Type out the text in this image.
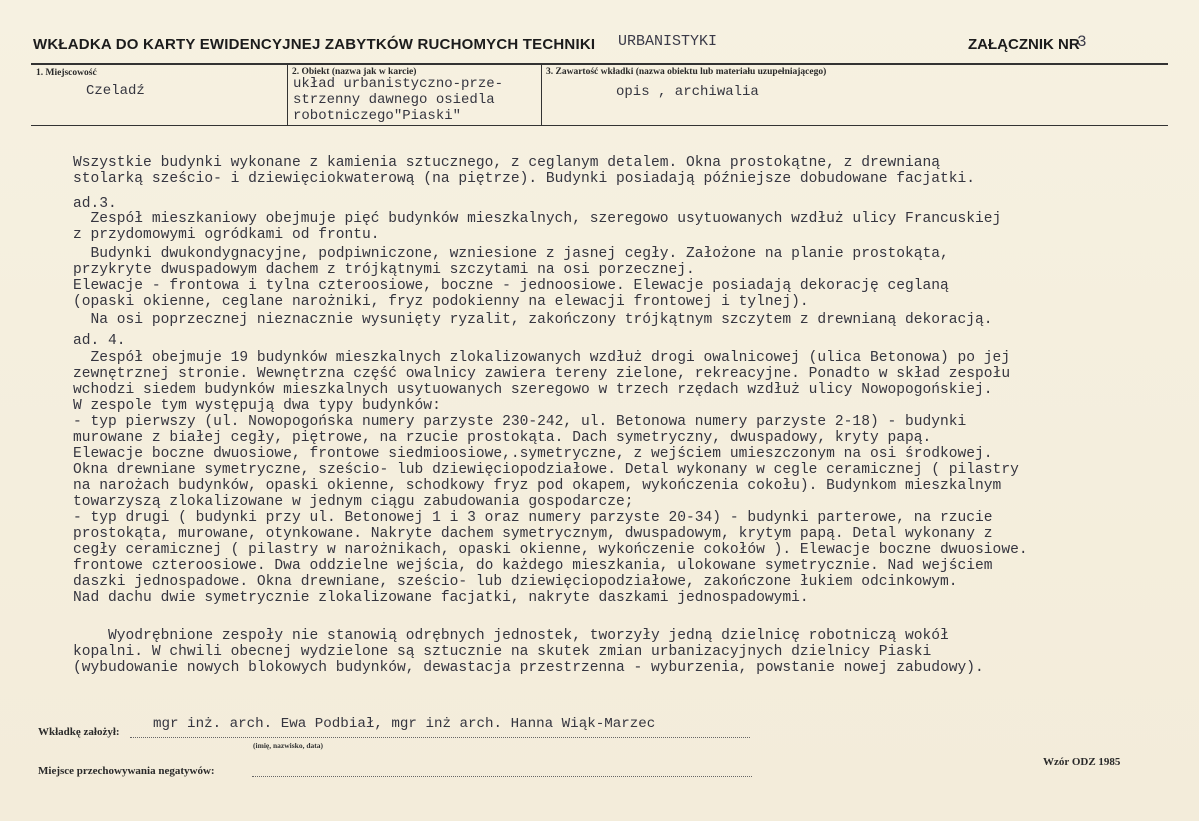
WKŁADKA DO KARTY EWIDENCYJNEJ ZABYTKÓW RUCHOMYCH TECHNIKI URBANISTYKI	ZAŁĄCZNIK NR
3
1. Miejscowość
Czeladź
2. Obiekt (nazwa jak w karcie)
układ urbanistyczno-prze-
strzenny dawnego osiedla
robotniczego"Piaski"
3. Zawartość wkładki (nazwa obiektu lub materiału uzupełniającego)
opis , archiwalia
Wszystkie budynki wykonane z kamienia sztucznego, z ceglanym detalem. Okna prostokątne, z drewnianą
stolarką sześcio- i dziewięciokwaterową (na piętrze). Budynki posiadają późniejsze dobudowane facjatki.
ad.3.
Zespół mieszkaniowy obejmuje pięć budynków mieszkalnych, szeregowo usytuowanych wzdłuż ulicy Francuskiej
z przydomowymi ogródkami od frontu.
Budynki dwukondygnacyjne, podpiwniczone, wzniesione z jasnej cegły. Założone na planie prostokąta,
przykryte dwuspadowym dachem z trójkątnymi szczytami na osi porzecznej.
Elewacje - frontowa i tylna czteroosiowe, boczne - jednoosiowe. Elewacje posiadają dekorację ceglaną
(opaski okienne, ceglane narożniki, fryz podokienny na elewacji frontowej i tylnej).
Na osi poprzecznej nieznacznie wysunięty ryzalit, zakończony trójkątnym szczytem z drewnianą dekoracją.
ad. 4.
Zespół obejmuje 19 budynków mieszkalnych zlokalizowanych wzdłuż drogi owalnicowej (ulica Betonowa) po jej
zewnętrznej stronie. Wewnętrzna część owalnicy zawiera tereny zielone, rekreacyjne. Ponadto w skład zespołu
wchodzi siedem budynków mieszkalnych usytuowanych szeregowo w trzech rzędach wzdłuż ulicy Nowopogońskiej.
W zespole tym występują dwa typy budynków:
- typ pierwszy (ul. Nowopogońska numery parzyste 230-242, ul. Betonowa numery parzyste 2-18) - budynki
murowane z białej cegły, piętrowe, na rzucie prostokąta. Dach symetryczny, dwuspadowy, kryty papą.
Elewacje boczne dwuosiowe, frontowe siedmioosiowe,.symetryczne, z wejściem umieszczonym na osi środkowej.
Okna drewniane symetryczne, sześcio- lub dziewięciopodziałowe. Detal wykonany w cegle ceramicznej ( pilastry
na narożach budynków, opaski okienne, schodkowy fryz pod okapem, wykończenia cokołu). Budynkom mieszkalnym
towarzyszą zlokalizowane w jednym ciągu zabudowania gospodarcze;
- typ drugi ( budynki przy ul. Betonowej 1 i 3 oraz numery parzyste 20-34) - budynki parterowe, na rzucie
prostokąta, murowane, otynkowane. Nakryte dachem symetrycznym, dwuspadowym, krytym papą. Detal wykonany z
cegły ceramicznej ( pilastry w narożnikach, opaski okienne, wykończenie cokołów ). Elewacje boczne dwuosiowe.
frontowe czteroosiowe. Dwa oddzielne wejścia, do każdego mieszkania, ulokowane symetrycznie. Nad wejściem
daszki jednospadowe. Okna drewniane, sześcio- lub dziewięciopodziałowe, zakończone łukiem odcinkowym.
Nad dachu dwie symetrycznie zlokalizowane facjatki, nakryte daszkami jednospadowymi.
Wyodrębnione zespoły nie stanowią odrębnych jednostek, tworzyły jedną dzielnicę robotniczą wokół
kopalni. W chwili obecnej wydzielone są sztucznie na skutek zmian urbanizacyjnych dzielnicy Piaski
(wybudowanie nowych blokowych budynków, dewastacja przestrzenna - wyburzenia, powstanie nowej zabudowy).
Wkładkę założył: mgr inż. arch. Ewa Podbiał, mgr inż arch. Hanna Wiąk-Marzec
(imię, nazwisko, data)
Miejsce przechowywania negatywów:
Wzór ODZ 1985
